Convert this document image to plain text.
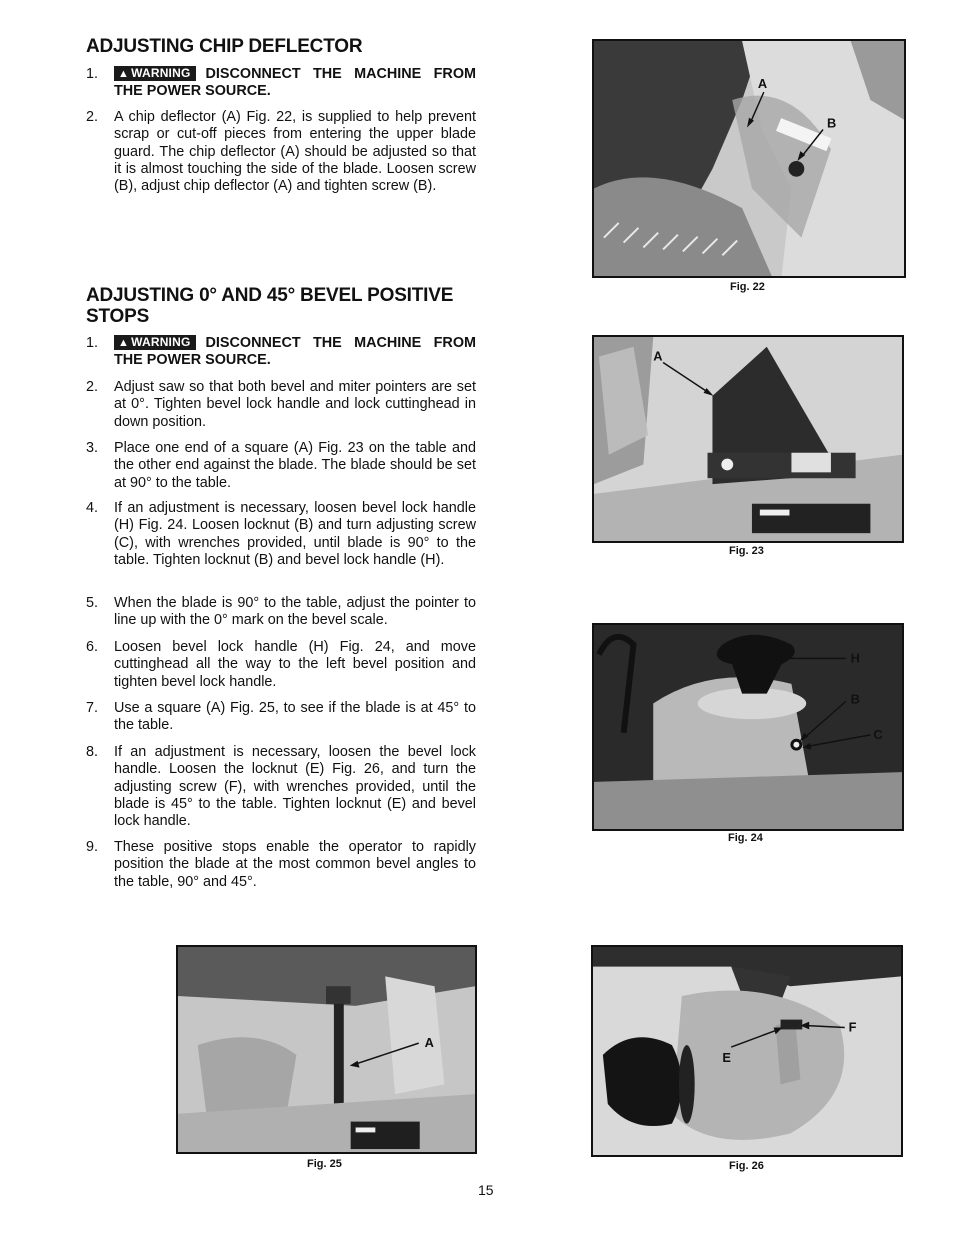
ADJUSTING CHIP DEFLECTOR
1.	▲ WARNING DISCONNECT THE MACHINE FROM THE POWER SOURCE.
2.	A chip deflector (A) Fig. 22, is supplied to help prevent scrap or cut-off pieces from entering the upper blade guard. The chip deflector (A) should be adjusted so that it is almost touching the side of the blade. Loosen screw (B), adjust chip deflector (A) and tighten screw (B).
ADJUSTING 0° AND 45° BEVEL POSITIVE
STOPS
1.	▲ WARNING DISCONNECT THE MACHINE FROM THE POWER SOURCE.
2.	Adjust saw so that both bevel and miter pointers are set at 0°. Tighten bevel lock handle and lock cuttinghead in down position.
3.	Place one end of a square (A) Fig. 23 on the table and the other end against the blade. The blade should be set at 90° to the table.
4.	If an adjustment is necessary, loosen bevel lock handle (H) Fig. 24. Loosen locknut (B) and turn adjusting screw (C), with wrenches provided, until blade is 90° to the table. Tighten locknut (B) and bevel lock handle (H).
5.	When the blade is 90° to the table, adjust the pointer to line up with the 0° mark on the bevel scale.
6.	Loosen bevel lock handle (H) Fig. 24, and move cuttinghead all the way to the left bevel position and tighten bevel lock handle.
7.	Use a square (A) Fig. 25, to see if the blade is at 45° to the table.
8.	If an adjustment is necessary, loosen the bevel lock handle. Loosen the locknut (E) Fig. 26, and turn the adjusting screw (F), with wrenches provided, until the blade is 45° to the table. Tighten locknut (E) and bevel lock handle.
9.	These positive stops enable the operator to rapidly position the blade at the most common bevel angles to the table, 90° and 45°.
A
B
Fig. 22
A
Fig. 23
H
B
C
Fig. 24
A
Fig. 25
F
E
Fig. 26
15
